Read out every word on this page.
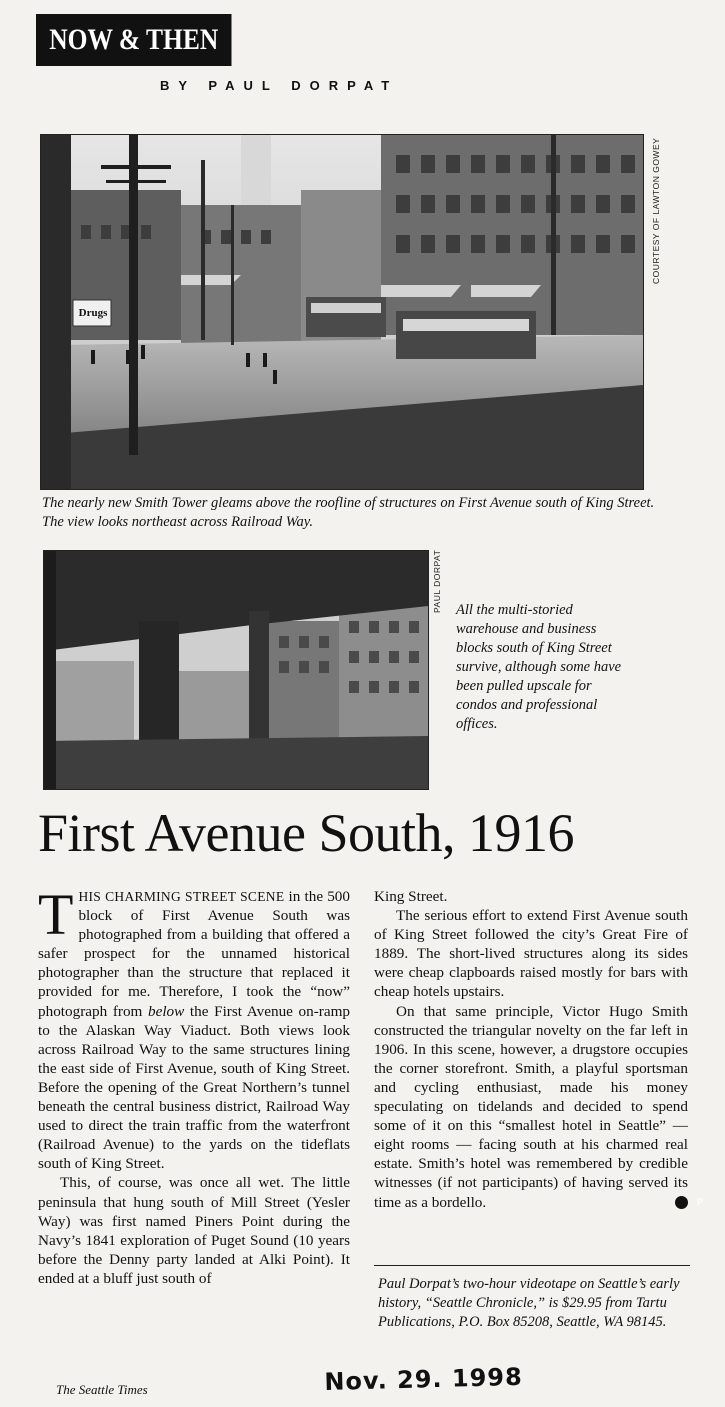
NOW & THEN
BY PAUL DORPAT
Drugs
COURTESY OF LAWTON GOWEY
The nearly new Smith Tower gleams above the roofline of structures on First Avenue south of King Street. The view looks northeast across Railroad Way.
PAUL DORPAT All the multi-storied warehouse and business blocks south of King Street survive, although some have been pulled upscale for condos and professional offices.
First Avenue South, 1916

THIS CHARMING STREET SCENE in the 500 block of First Avenue South was photographed from a building that offered a safer prospect for the unnamed historical photographer than the structure that replaced it provided for me. Therefore, I took the “now” photograph from below the First Avenue on-ramp to the Alaskan Way Viaduct. Both views look across Railroad Way to the same structures lining the east side of First Avenue, south of King Street. Before the opening of the Great Northern’s tunnel beneath the central business district, Railroad Way used to direct the train traffic from the waterfront (Railroad Avenue) to the yards on the tideflats south of King Street.

This, of course, was once all wet. The little peninsula that hung south of Mill Street (Yesler Way) was first named Piners Point during the Navy’s 1841 exploration of Puget Sound (10 years before the Denny party landed at Alki Point). It ended at a bluff just south of

King Street.

The serious effort to extend First Avenue south of King Street followed the city’s Great Fire of 1889. The short-lived structures along its sides were cheap clapboards raised mostly for bars with cheap hotels upstairs.

On that same principle, Victor Hugo Smith constructed the triangular novelty on the far left in 1906. In this scene, however, a drugstore occupies the corner storefront. Smith, a playful sportsman and cycling enthusiast, made his money speculating on tidelands and decided to spend some of it on this “smallest hotel in Seattle” — eight rooms — facing south at his charmed real estate. Smith’s hotel was remembered by credible witnesses (if not participants) of having served its time as a bordello.	P

Paul Dorpat’s two-hour videotape on Seattle’s early history, “Seattle Chronicle,” is $29.95 from Tartu Publications, P.O. Box 85208, Seattle, WA 98145.
The Seattle Times	Nov. 29. 1998
